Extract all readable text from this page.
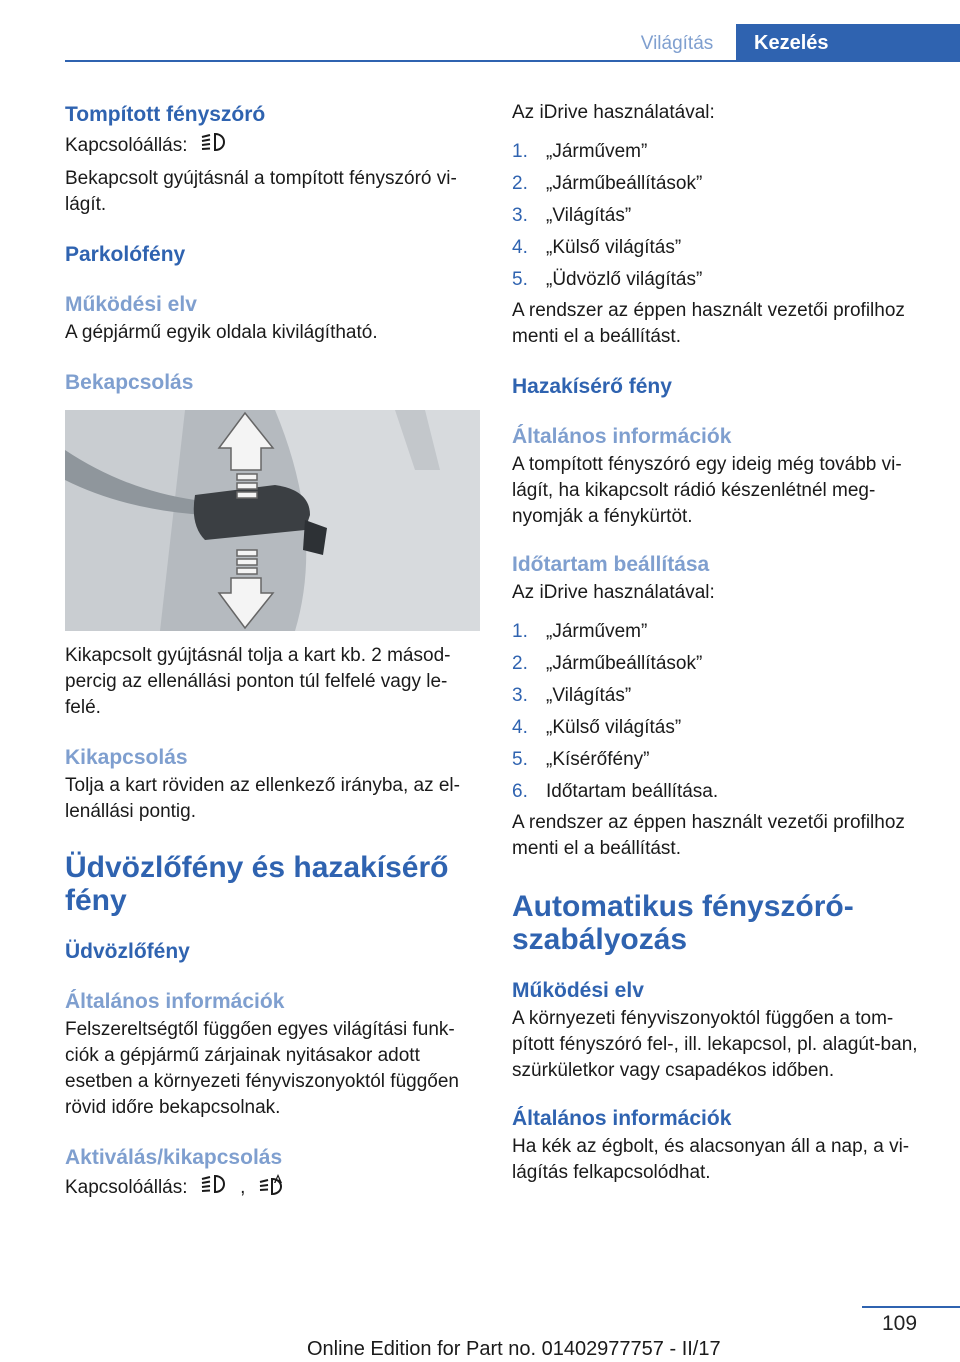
Világítás	Kezelés
Tompított fényszóró

Kapcsolóállás:

Bekapcsolt gyújtásnál a tompított fényszóró vi-lágít.

Parkolófény
Működési elv

A gépjármű egyik oldala kivilágítható.

Bekapcsolás

Kikapcsolt gyújtásnál tolja a kart kb. 2 másod-percig az ellenállási ponton túl felfelé vagy le-felé.

Kikapcsolás

Tolja a kart röviden az ellenkező irányba, az el-lenállási pontig.

Üdvözlőfény és hazakísérő fény
Üdvözlőfény
Általános információk

Felszereltségtől függően egyes világítási funk-ciók a gépjármű zárjainak nyitásakor adott esetben a környezeti fényviszonyoktól függően rövid időre bekapcsolnak.

Aktiválás/kikapcsolás

Kapcsolóállás:	,

Az iDrive használatával:

1. „Járművem”
2. „Járműbeállítások”
3. „Világítás”
4. „Külső világítás”
5. „Üdvözlő világítás”

A rendszer az éppen használt vezetői profilhoz menti el a beállítást.

Hazakísérő fény
Általános információk

A tompított fényszóró egy ideig még tovább vi-lágít, ha kikapcsolt rádió készenlétnél meg-nyomják a fénykürtöt.

Időtartam beállítása

Az iDrive használatával:

1. „Járművem”
2. „Járműbeállítások”
3. „Világítás”
4. „Külső világítás”
5. „Kísérőfény”
6. Időtartam beállítása.

A rendszer az éppen használt vezetői profilhoz menti el a beállítást.

Automatikus fényszóró-szabályozás
Működési elv

A környezeti fényviszonyoktól függően a tom-pított fényszóró fel-, ill. lekapcsol, pl. alagút-ban, szürkületkor vagy csapadékos időben.

Általános információk

Ha kék az égbolt, és alacsonyan áll a nap, a vi-lágítás felkapcsolódhat.

109
Online Edition for Part no. 01402977757 - II/17
